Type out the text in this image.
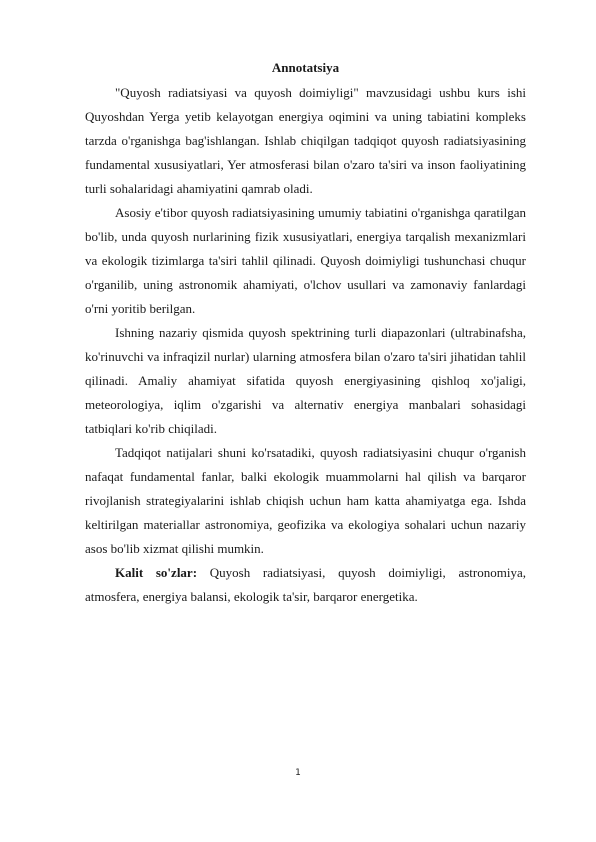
Annotatsiya

"Quyosh radiatsiyasi va quyosh doimiyligi" mavzusidagi ushbu kurs ishi Quyoshdan Yerga yetib kelayotgan energiya oqimini va uning tabiatini kompleks tarzda o'rganishga bag'ishlangan. Ishlab chiqilgan tadqiqot quyosh radiatsiyasining fundamental xususiyatlari, Yer atmosferasi bilan o'zaro ta'siri va inson faoliyatining turli sohalaridagi ahamiyatini qamrab oladi.

Asosiy e'tibor quyosh radiatsiyasining umumiy tabiatini o'rganishga qaratilgan bo'lib, unda quyosh nurlarining fizik xususiyatlari, energiya tarqalish mexanizmlari va ekologik tizimlarga ta'siri tahlil qilinadi. Quyosh doimiyligi tushunchasi chuqur o'rganilib, uning astronomik ahamiyati, o'lchov usullari va zamonaviy fanlardagi o'rni yoritib berilgan.

Ishning nazariy qismida quyosh spektrining turli diapazonlari (ultrabinafsha, ko'rinuvchi va infraqizil nurlar) ularning atmosfera bilan o'zaro ta'siri jihatidan tahlil qilinadi. Amaliy ahamiyat sifatida quyosh energiyasining qishloq xo'jaligi, meteorologiya, iqlim o'zgarishi va alternativ energiya manbalari sohasidagi tatbiqlari ko'rib chiqiladi.

Tadqiqot natijalari shuni ko'rsatadiki, quyosh radiatsiyasini chuqur o'rganish nafaqat fundamental fanlar, balki ekologik muammolarni hal qilish va barqaror rivojlanish strategiyalarini ishlab chiqish uchun ham katta ahamiyatga ega. Ishda keltirilgan materiallar astronomiya, geofizika va ekologiya sohalari uchun nazariy asos bo'lib xizmat qilishi mumkin.

Kalit so'zlar: Quyosh radiatsiyasi, quyosh doimiyligi, astronomiya, atmosfera, energiya balansi, ekologik ta'sir, barqaror energetika.

1
